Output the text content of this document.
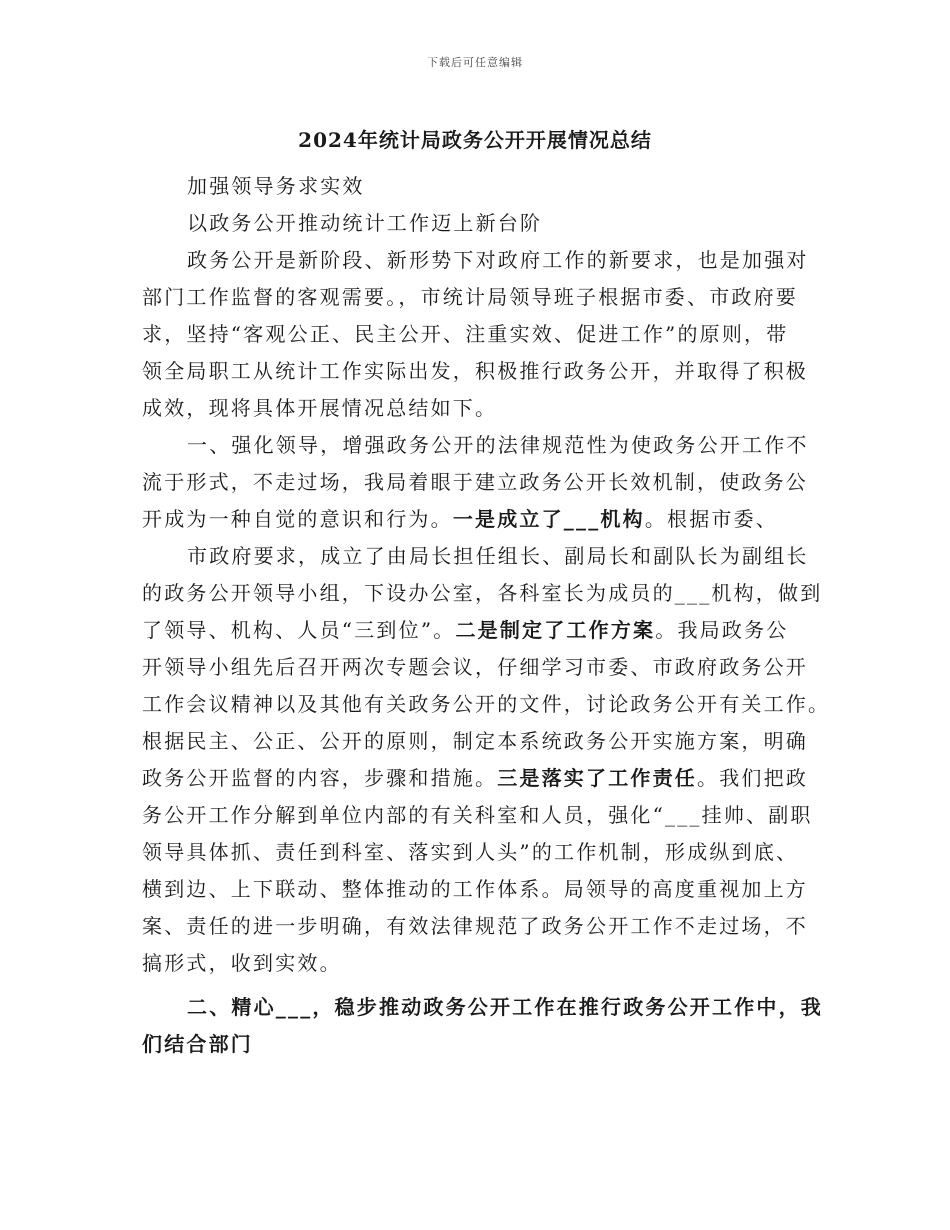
下载后可任意编辑
2024年统计局政务公开开展情况总结
加强领导务求实效
以政务公开推动统计工作迈上新台阶
政务公开是新阶段、新形势下对政府工作的新要求，也是加强对
部门工作监督的客观需要。，市统计局领导班子根据市委、市政府要
求，坚持“客观公正、民主公开、注重实效、促进工作”的原则，带
领全局职工从统计工作实际出发，积极推行政务公开，并取得了积极
成效，现将具体开展情况总结如下。
一、强化领导，增强政务公开的法律规范性为使政务公开工作不
流于形式，不走过场，我局着眼于建立政务公开长效机制，使政务公
开成为一种自觉的意识和行为。一是成立了___机构。根据市委、
市政府要求，成立了由局长担任组长、副局长和副队长为副组长
的政务公开领导小组，下设办公室，各科室长为成员的___机构，做到
了领导、机构、人员“三到位”。二是制定了工作方案。我局政务公
开领导小组先后召开两次专题会议，仔细学习市委、市政府政务公开
工作会议精神以及其他有关政务公开的文件，讨论政务公开有关工作。
根据民主、公正、公开的原则，制定本系统政务公开实施方案，明确
政务公开监督的内容，步骤和措施。三是落实了工作责任。我们把政
务公开工作分解到单位内部的有关科室和人员，强化“___挂帅、副职
领导具体抓、责任到科室、落实到人头”的工作机制，形成纵到底、
横到边、上下联动、整体推动的工作体系。局领导的高度重视加上方
案、责任的进一步明确，有效法律规范了政务公开工作不走过场，不
搞形式，收到实效。
二、精心___，稳步推动政务公开工作在推行政务公开工作中，我
们结合部门
